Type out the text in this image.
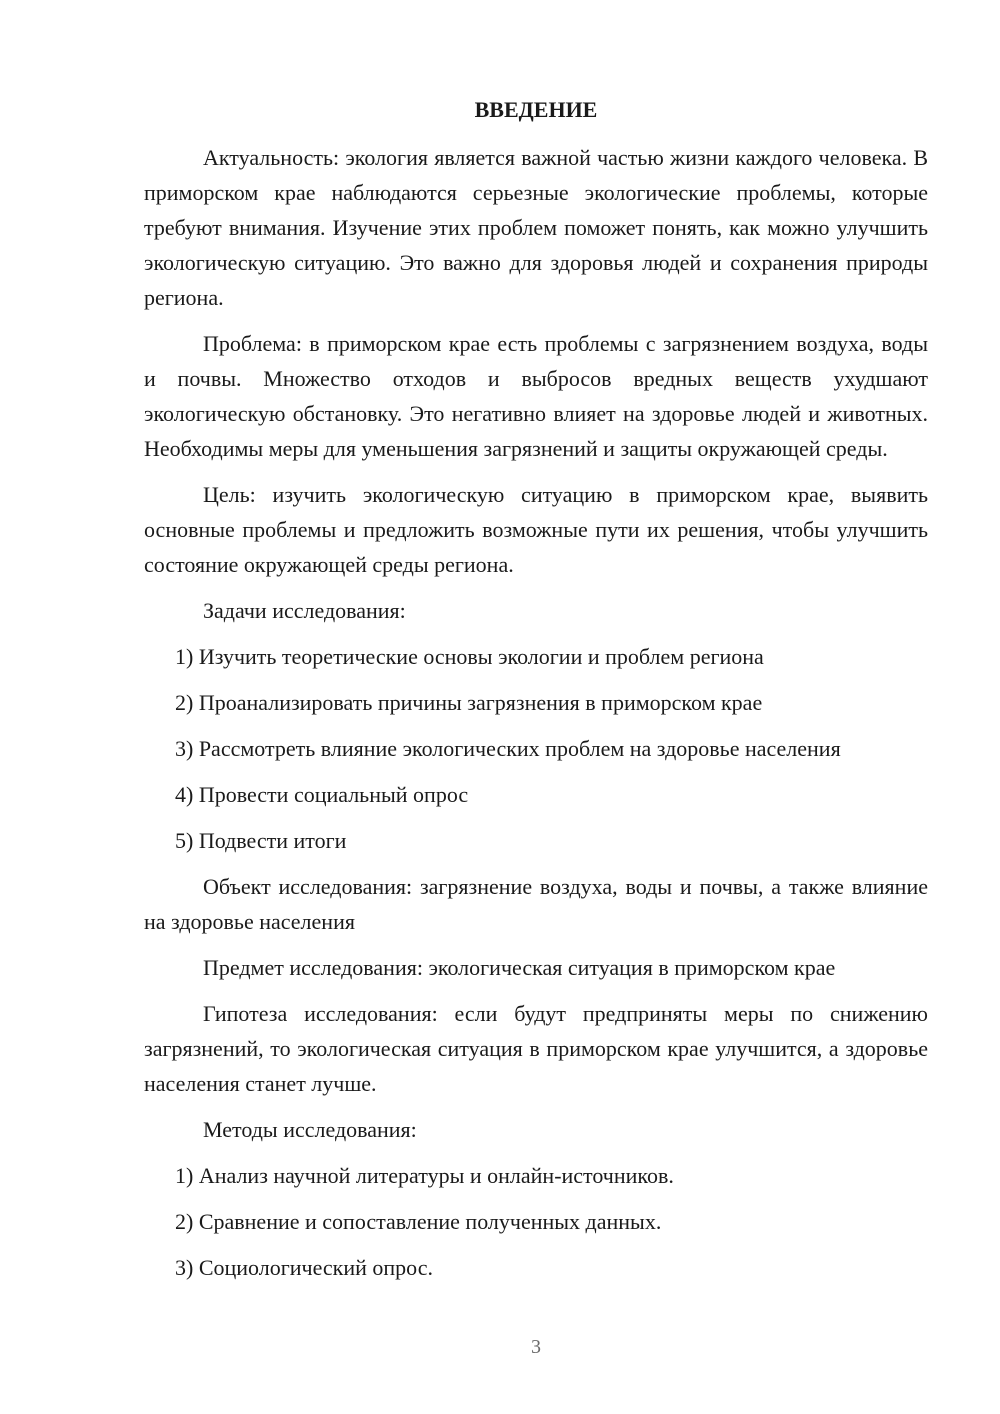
ВВЕДЕНИЕ

Актуальность: экология является важной частью жизни каждого человека. В приморском крае наблюдаются серьезные экологические проблемы, которые требуют внимания. Изучение этих проблем поможет понять, как можно улучшить экологическую ситуацию. Это важно для здоровья людей и сохранения природы региона.

Проблема: в приморском крае есть проблемы с загрязнением воздуха, воды и почвы. Множество отходов и выбросов вредных веществ ухудшают экологическую обстановку. Это негативно влияет на здоровье людей и животных. Необходимы меры для уменьшения загрязнений и защиты окружающей среды.

Цель: изучить экологическую ситуацию в приморском крае, выявить основные проблемы и предложить возможные пути их решения, чтобы улучшить состояние окружающей среды региона.

Задачи исследования:

1) Изучить теоретические основы экологии и проблем региона

2) Проанализировать причины загрязнения в приморском крае

3) Рассмотреть влияние экологических проблем на здоровье населения

4) Провести социальный опрос

5) Подвести итоги

Объект исследования: загрязнение воздуха, воды и почвы, а также влияние на здоровье населения

Предмет исследования: экологическая ситуация в приморском крае

Гипотеза исследования: если будут предприняты меры по снижению загрязнений, то экологическая ситуация в приморском крае улучшится, а здоровье населения станет лучше.

Методы исследования:

1) Анализ научной литературы и онлайн-источников.

2) Сравнение и сопоставление полученных данных.

3) Социологический опрос.

3
